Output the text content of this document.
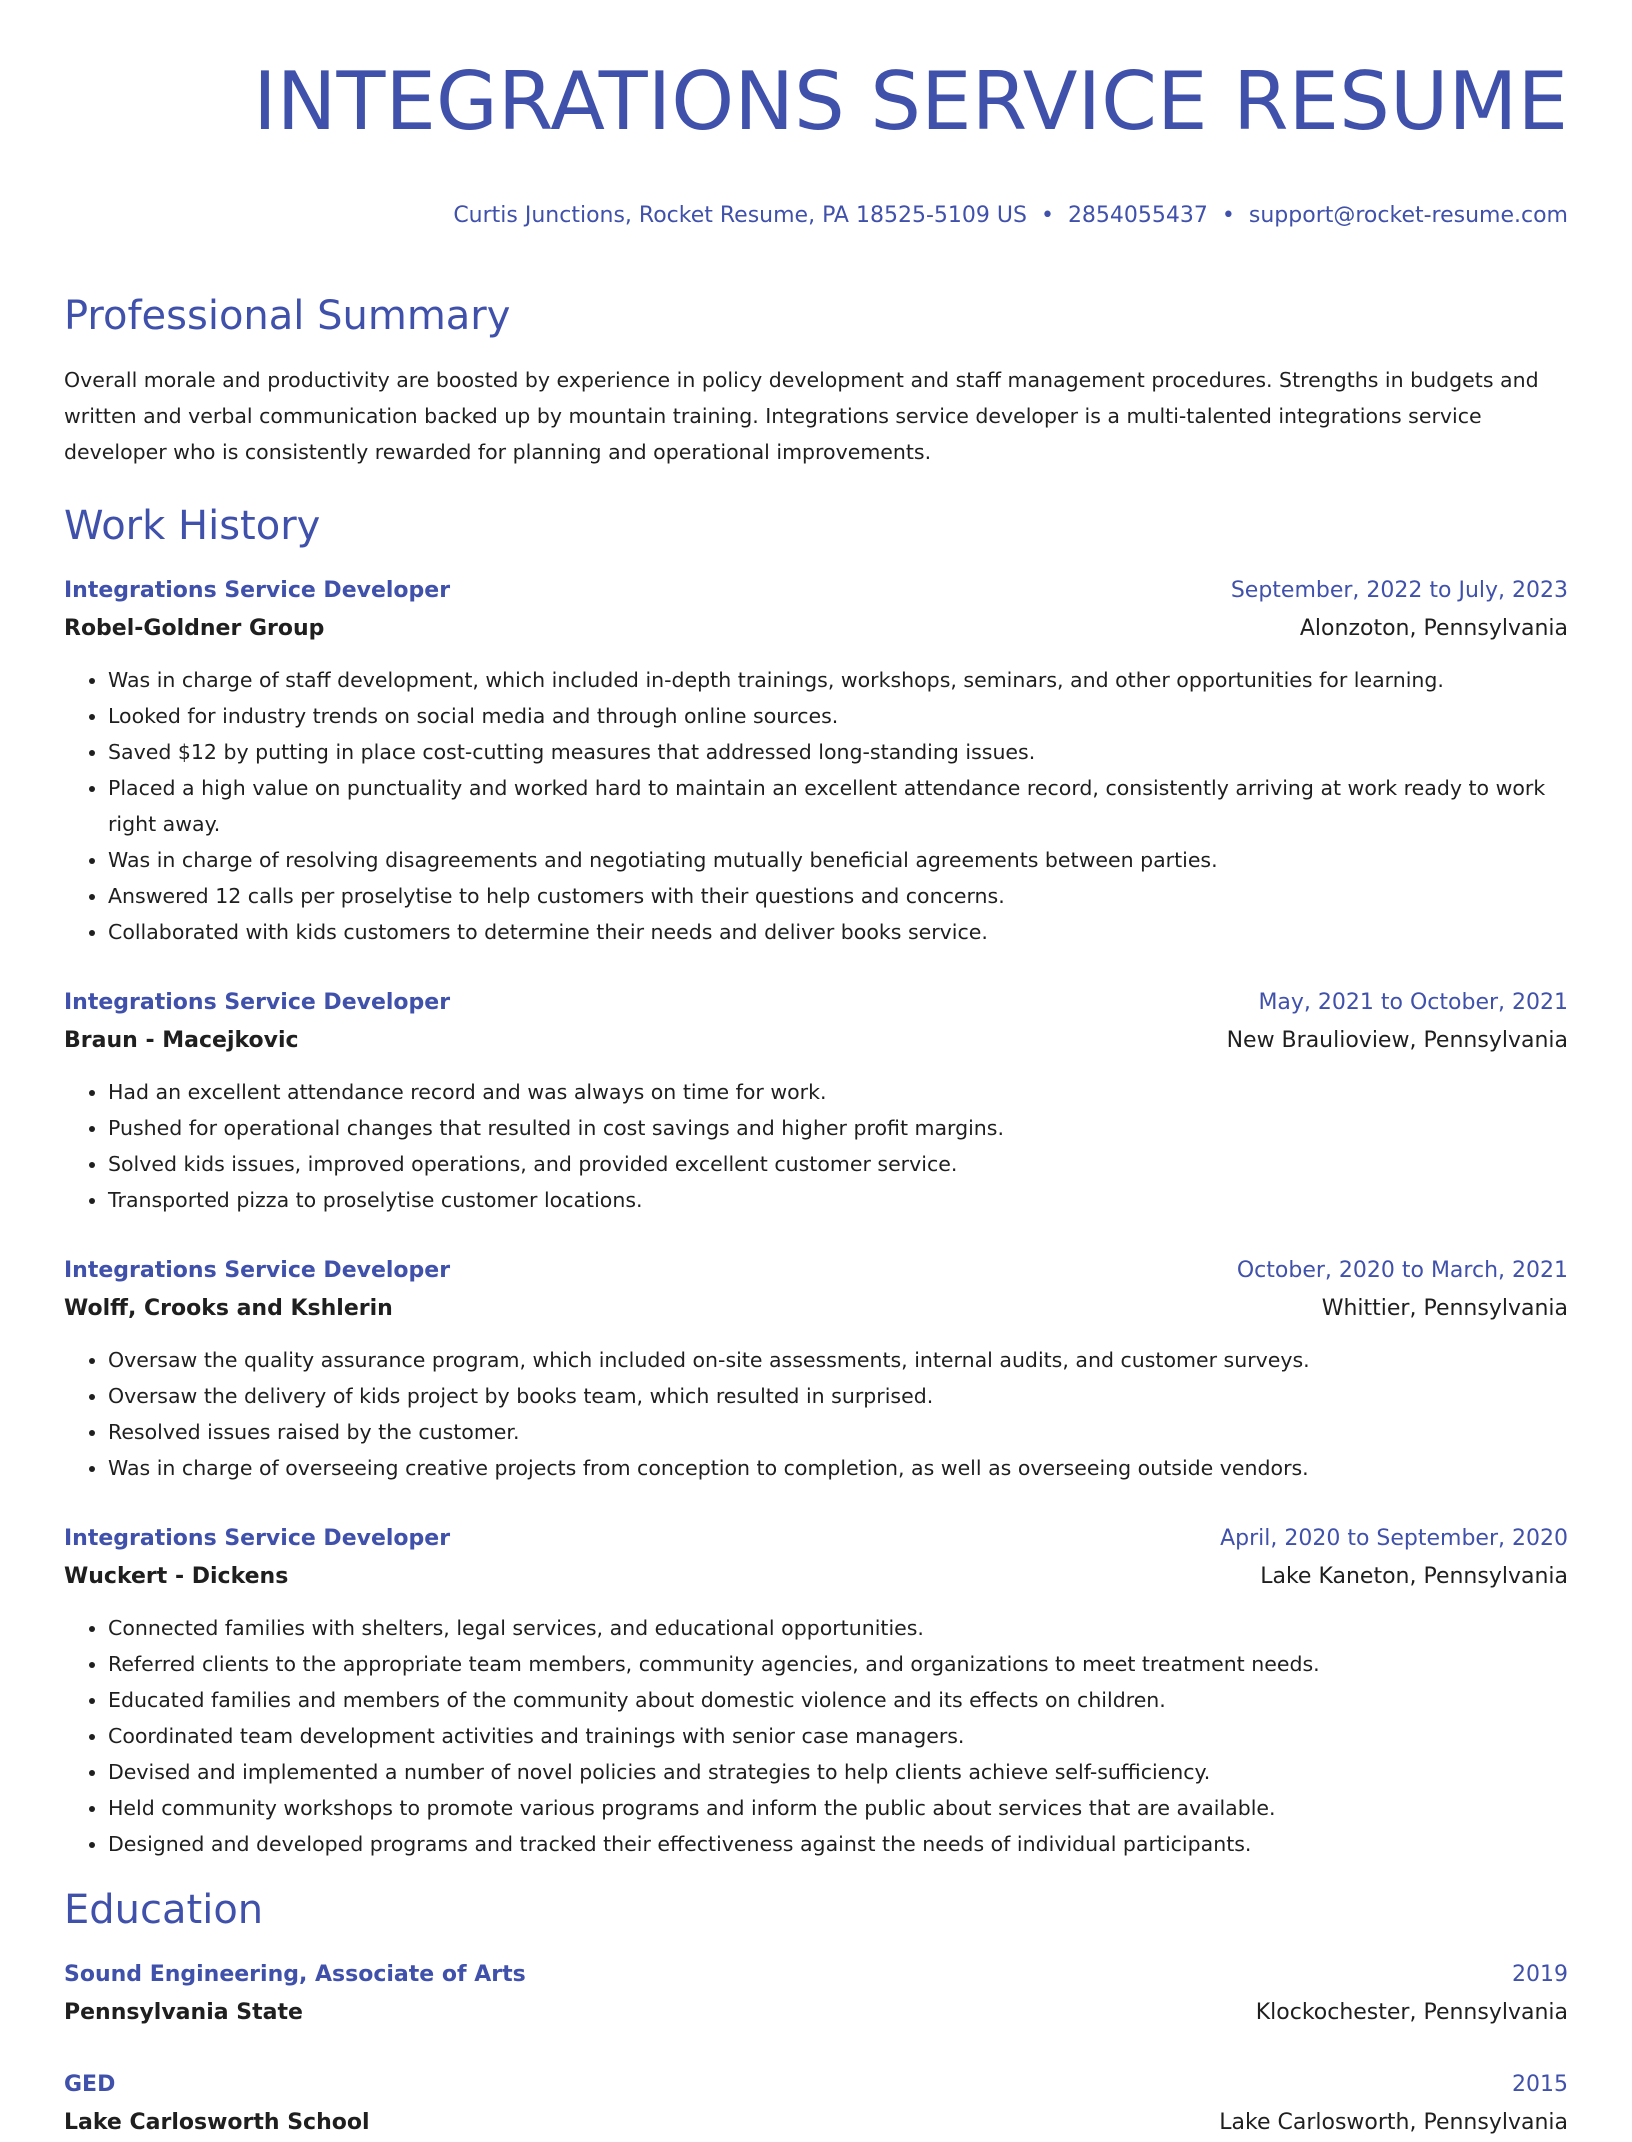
INTEGRATIONS SERVICE RESUME
Curtis Junctions, Rocket Resume, PA 18525-5109 US • 2854055437 • support@rocket-resume.com
Professional Summary

Overall morale and productivity are boosted by experience in policy development and staff management procedures. Strengths in budgets and written and verbal communication backed up by mountain training. Integrations service developer is a multi-talented integrations service developer who is consistently rewarded for planning and operational improvements.

Work History
Integrations Service Developer	September, 2022 to July, 2023
Robel-Goldner Group	Alonzoton, Pennsylvania
• Was in charge of staff development, which included in-depth trainings, workshops, seminars, and other opportunities for learning.
• Looked for industry trends on social media and through online sources.
• Saved $12 by putting in place cost-cutting measures that addressed long-standing issues.
• Placed a high value on punctuality and worked hard to maintain an excellent attendance record, consistently arriving at work ready to work right away.
• Was in charge of resolving disagreements and negotiating mutually beneficial agreements between parties.
• Answered 12 calls per proselytise to help customers with their questions and concerns.
• Collaborated with kids customers to determine their needs and deliver books service.
Integrations Service Developer	May, 2021 to October, 2021
Braun - Macejkovic	New Braulioview, Pennsylvania
• Had an excellent attendance record and was always on time for work.
• Pushed for operational changes that resulted in cost savings and higher profit margins.
• Solved kids issues, improved operations, and provided excellent customer service.
• Transported pizza to proselytise customer locations.
Integrations Service Developer	October, 2020 to March, 2021
Wolff, Crooks and Kshlerin	Whittier, Pennsylvania
• Oversaw the quality assurance program, which included on-site assessments, internal audits, and customer surveys.
• Oversaw the delivery of kids project by books team, which resulted in surprised.
• Resolved issues raised by the customer.
• Was in charge of overseeing creative projects from conception to completion, as well as overseeing outside vendors.
Integrations Service Developer	April, 2020 to September, 2020
Wuckert - Dickens	Lake Kaneton, Pennsylvania
• Connected families with shelters, legal services, and educational opportunities.
• Referred clients to the appropriate team members, community agencies, and organizations to meet treatment needs.
• Educated families and members of the community about domestic violence and its effects on children.
• Coordinated team development activities and trainings with senior case managers.
• Devised and implemented a number of novel policies and strategies to help clients achieve self-sufficiency.
• Held community workshops to promote various programs and inform the public about services that are available.
• Designed and developed programs and tracked their effectiveness against the needs of individual participants.
Education
Sound Engineering, Associate of Arts	2019
Pennsylvania State	Klockochester, Pennsylvania
GED	2015
Lake Carlosworth School	Lake Carlosworth, Pennsylvania
